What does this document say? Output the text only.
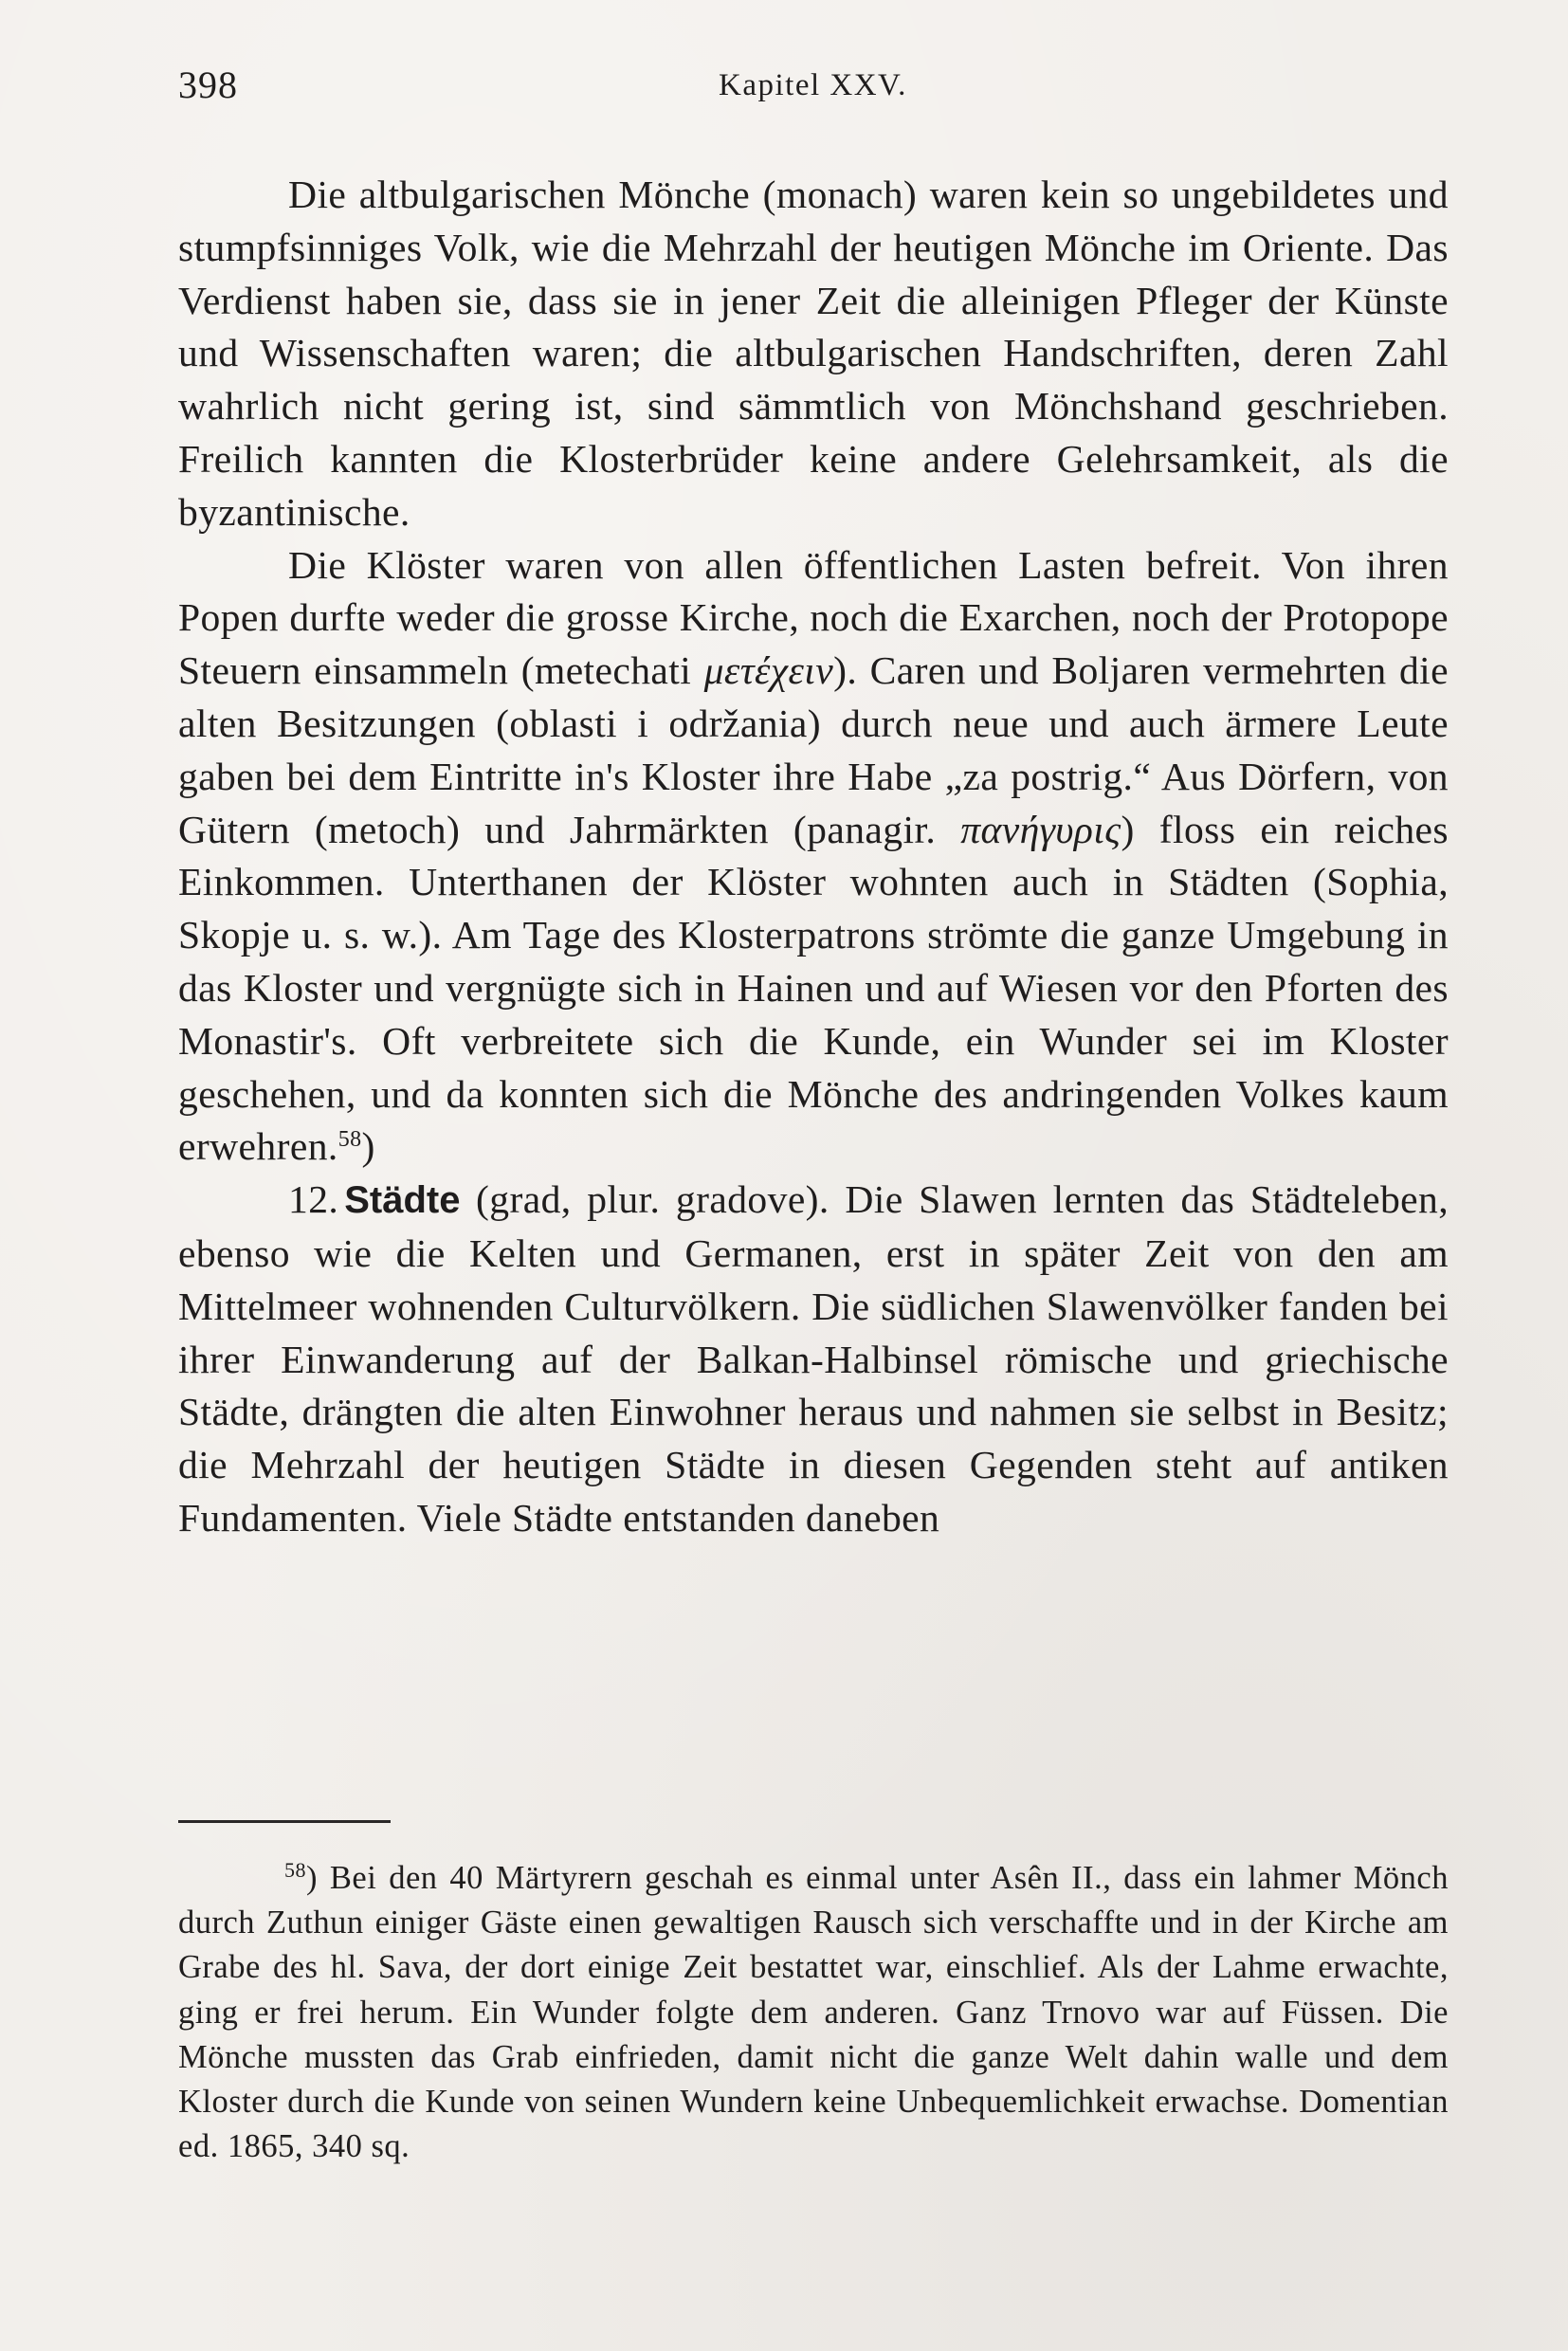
398	Kapitel XXV.

Die altbulgarischen Mönche (monach) waren kein so ungebildetes und stumpfsinniges Volk, wie die Mehrzahl der heutigen Mönche im Oriente. Das Verdienst haben sie, dass sie in jener Zeit die alleinigen Pfleger der Künste und Wissenschaften waren; die altbulgarischen Handschriften, deren Zahl wahrlich nicht gering ist, sind sämmtlich von Mönchshand geschrieben. Freilich kannten die Klosterbrüder keine andere Gelehrsamkeit, als die byzantinische.

Die Klöster waren von allen öffentlichen Lasten befreit. Von ihren Popen durfte weder die grosse Kirche, noch die Exarchen, noch der Protopope Steuern einsammeln (metechati μετέχειν). Caren und Boljaren vermehrten die alten Besitzungen (oblasti i održania) durch neue und auch ärmere Leute gaben bei dem Eintritte in's Kloster ihre Habe „za postrig.“ Aus Dörfern, von Gütern (metoch) und Jahrmärkten (panagir. πανήγυρις) floss ein reiches Einkommen. Unterthanen der Klöster wohnten auch in Städten (Sophia, Skopje u. s. w.). Am Tage des Klosterpatrons strömte die ganze Umgebung in das Kloster und vergnügte sich in Hainen und auf Wiesen vor den Pforten des Monastir's. Oft verbreitete sich die Kunde, ein Wunder sei im Kloster geschehen, und da konnten sich die Mönche des andringenden Volkes kaum erwehren.$^{58}$)

12. Städte (grad, plur. gradove). Die Slawen lernten das Städteleben, ebenso wie die Kelten und Germanen, erst in später Zeit von den am Mittelmeer wohnenden Culturvölkern. Die südlichen Slawenvölker fanden bei ihrer Einwanderung auf der Balkan-Halbinsel römische und griechische Städte, drängten die alten Einwohner heraus und nahmen sie selbst in Besitz; die Mehrzahl der heutigen Städte in diesen Gegenden steht auf antiken Fundamenten. Viele Städte entstanden daneben

$^{58}$) Bei den 40 Märtyrern geschah es einmal unter Asên II., dass ein lahmer Mönch durch Zuthun einiger Gäste einen gewaltigen Rausch sich verschaffte und in der Kirche am Grabe des hl. Sava, der dort einige Zeit bestattet war, einschlief. Als der Lahme erwachte, ging er frei herum. Ein Wunder folgte dem anderen. Ganz Trnovo war auf Füssen. Die Mönche mussten das Grab einfrieden, damit nicht die ganze Welt dahin walle und dem Kloster durch die Kunde von seinen Wundern keine Unbequemlichkeit erwachse. Domentian ed. 1865, 340 sq.
